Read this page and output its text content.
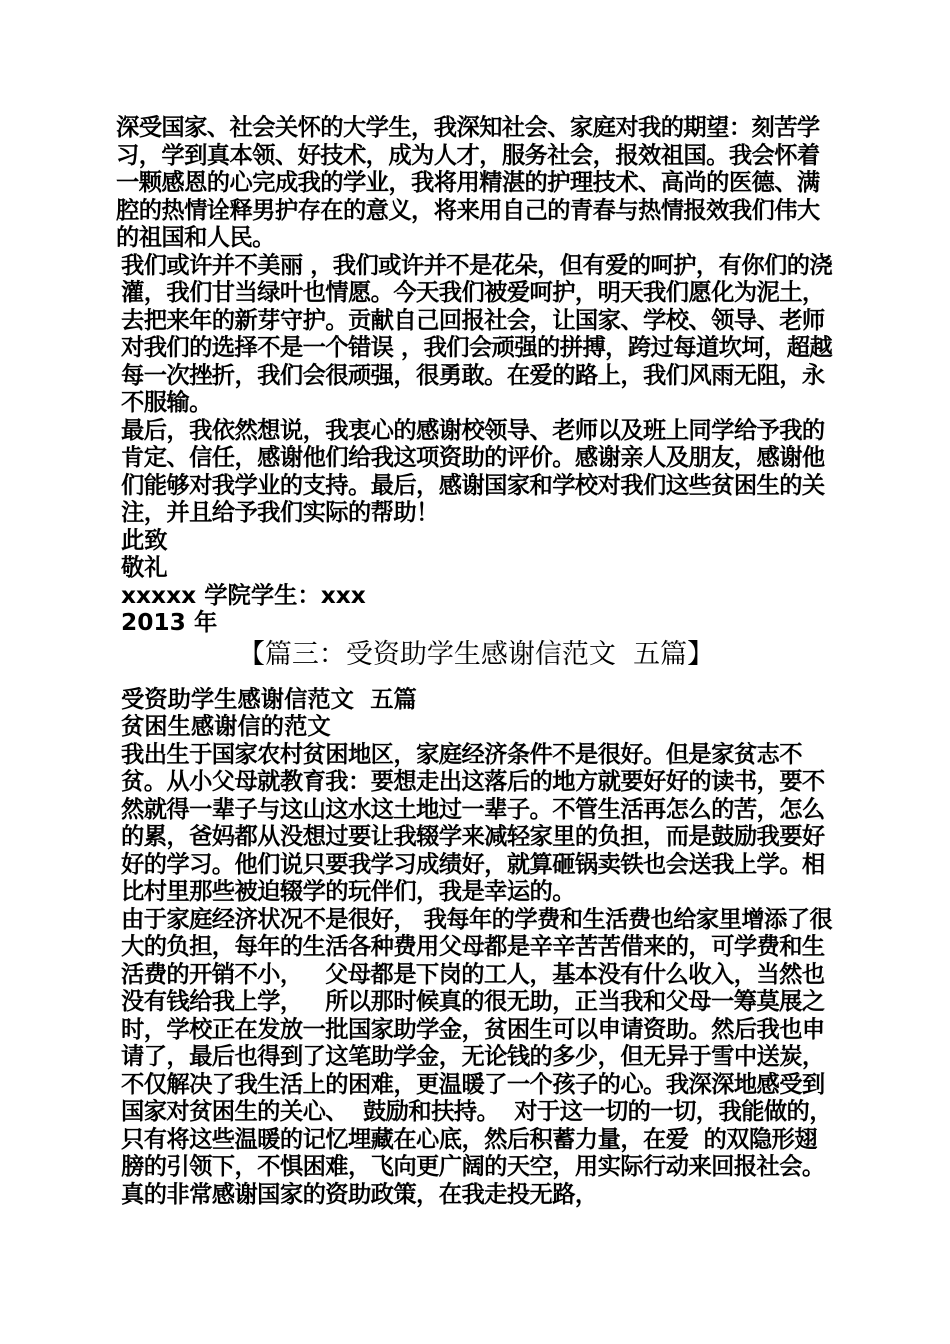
深受国家、社会关怀的大学生，我深知社会、家庭对我的期望：刻苦学习，学到真本领、好技术，成为人才，服务社会，报效祖国。我会怀着一颗感恩的心完成我的学业，我将用精湛的护理技术、高尚的医德、满腔的热情诠释男护存在的意义，将来用自己的青春与热情报效我们伟大的祖国和人民。

我们或许并不美丽 ，我们或许并不是花朵，但有爱的呵护，有你们的浇灌，我们甘当绿叶也情愿。今天我们被爱呵护，明天我们愿化为泥土，去把来年的新芽守护。贡献自己回报社会，让国家、学校、领导、老师对我们的选择不是一个错误 ，我们会顽强的拼搏，跨过每道坎坷，超越每一次挫折，我们会很顽强，很勇敢。在爱的路上，我们风雨无阻，永不服输。

最后，我依然想说，我衷心的感谢校领导、老师以及班上同学给予我的肯定、信任，感谢他们给我这项资助的评价。感谢亲人及朋友，感谢他们能够对我学业的支持。最后，感谢国家和学校对我们这些贫困生的关注，并且给予我们实际的帮助！

此致

敬礼

xxxxx 学院学生：xxx

2013 年

【篇三：受资助学生感谢信范文  五篇】

受资助学生感谢信范文  五篇

贫困生感谢信的范文

我出生于国家农村贫困地区，家庭经济条件不是很好。但是家贫志不贫。从小父母就教育我：要想走出这落后的地方就要好好的读书，要不然就得一辈子与这山这水这土地过一辈子。不管生活再怎么的苦，怎么的累，爸妈都从没想过要让我辍学来减轻家里的负担，而是鼓励我要好好的学习。他们说只要我学习成绩好，就算砸锅卖铁也会送我上学。相比村里那些被迫辍学的玩伴们，我是幸运的。

由于家庭经济状况不是很好， 我每年的学费和生活费也给家里增添了很大的负担，每年的生活各种费用父母都是辛辛苦苦借来的，可学费和生活费的开销不小，   父母都是下岗的工人，基本没有什么收入，当然也没有钱给我上学，   所以那时候真的很无助，正当我和父母一筹莫展之时，学校正在发放一批国家助学金，贫困生可以申请资助。然后我也申请了，最后也得到了这笔助学金，无论钱的多少，但无异于雪中送炭，不仅解决了我生活上的困难，更温暖了一个孩子的心。我深深地感受到国家对贫困生的关心、  鼓励和扶持。  对于这一切的一切，我能做的，只有将这些温暖的记忆埋藏在心底，然后积蓄力量，在爱  的双隐形翅膀的引领下，不惧困难，飞向更广阔的天空，用实际行动来回报社会。真的非常感谢国家的资助政策，在我走投无路，
